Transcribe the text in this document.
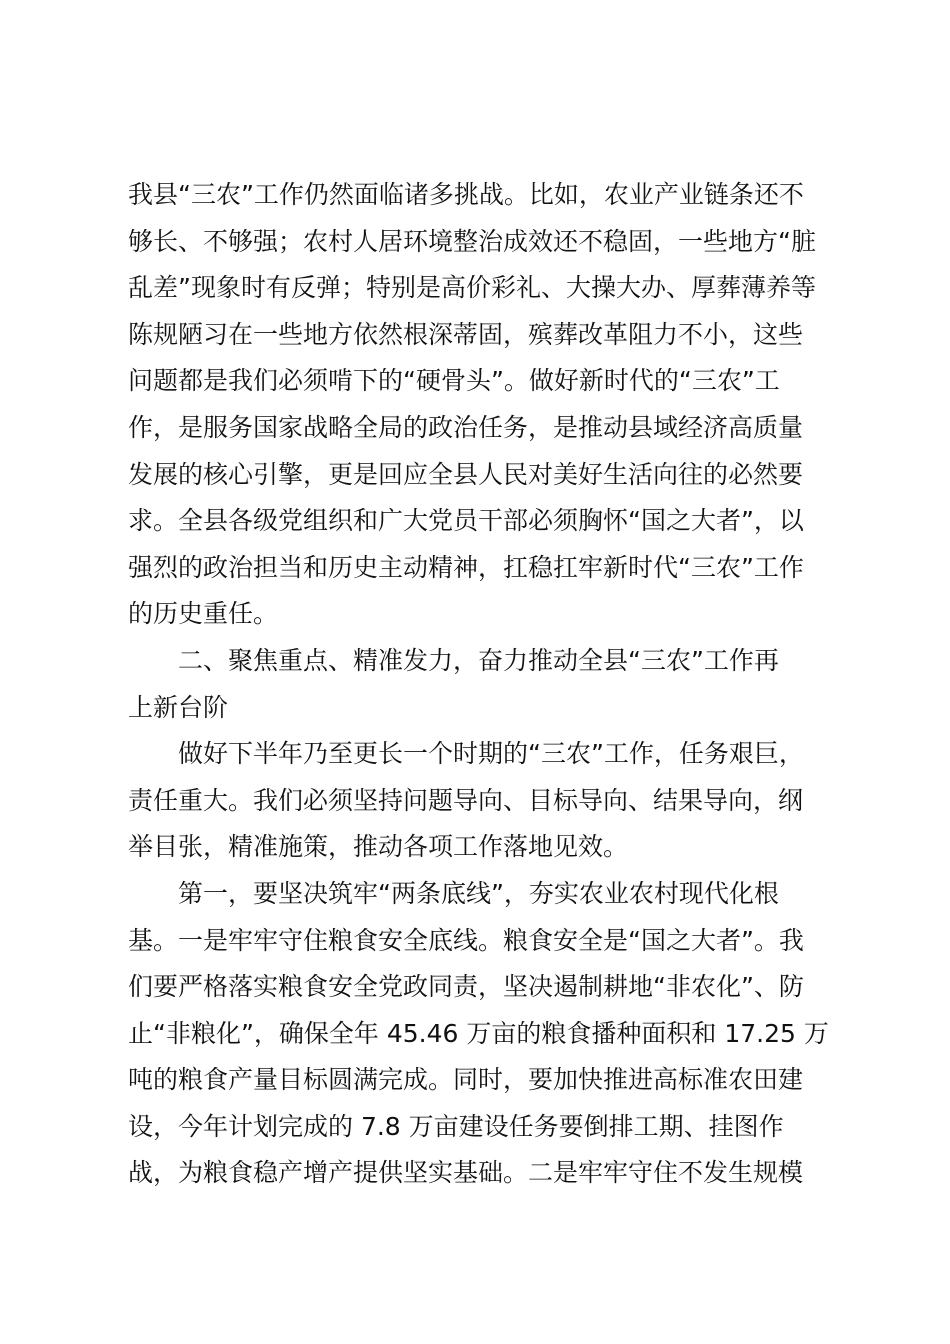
我县“三农”工作仍然面临诸多挑战。比如，农业产业链条还不
够长、不够强；农村人居环境整治成效还不稳固，一些地方“脏
乱差”现象时有反弹；特别是高价彩礼、大操大办、厚葬薄养等
陈规陋习在一些地方依然根深蒂固，殡葬改革阻力不小，这些
问题都是我们必须啃下的“硬骨头”。做好新时代的“三农”工
作，是服务国家战略全局的政治任务，是推动县域经济高质量
发展的核心引擎，更是回应全县人民对美好生活向往的必然要
求。全县各级党组织和广大党员干部必须胸怀“国之大者”，以
强烈的政治担当和历史主动精神，扛稳扛牢新时代“三农”工作
的历史重任。
　　二、聚焦重点、精准发力，奋力推动全县“三农”工作再
上新台阶
　　做好下半年乃至更长一个时期的“三农”工作，任务艰巨，
责任重大。我们必须坚持问题导向、目标导向、结果导向，纲
举目张，精准施策，推动各项工作落地见效。
　　第一，要坚决筑牢“两条底线”，夯实农业农村现代化根
基。一是牢牢守住粮食安全底线。粮食安全是“国之大者”。我
们要严格落实粮食安全党政同责，坚决遏制耕地“非农化”、防
止“非粮化”，确保全年 45.46 万亩的粮食播种面积和 17.25 万
吨的粮食产量目标圆满完成。同时，要加快推进高标准农田建
设，今年计划完成的 7.8 万亩建设任务要倒排工期、挂图作
战，为粮食稳产增产提供坚实基础。二是牢牢守住不发生规模
